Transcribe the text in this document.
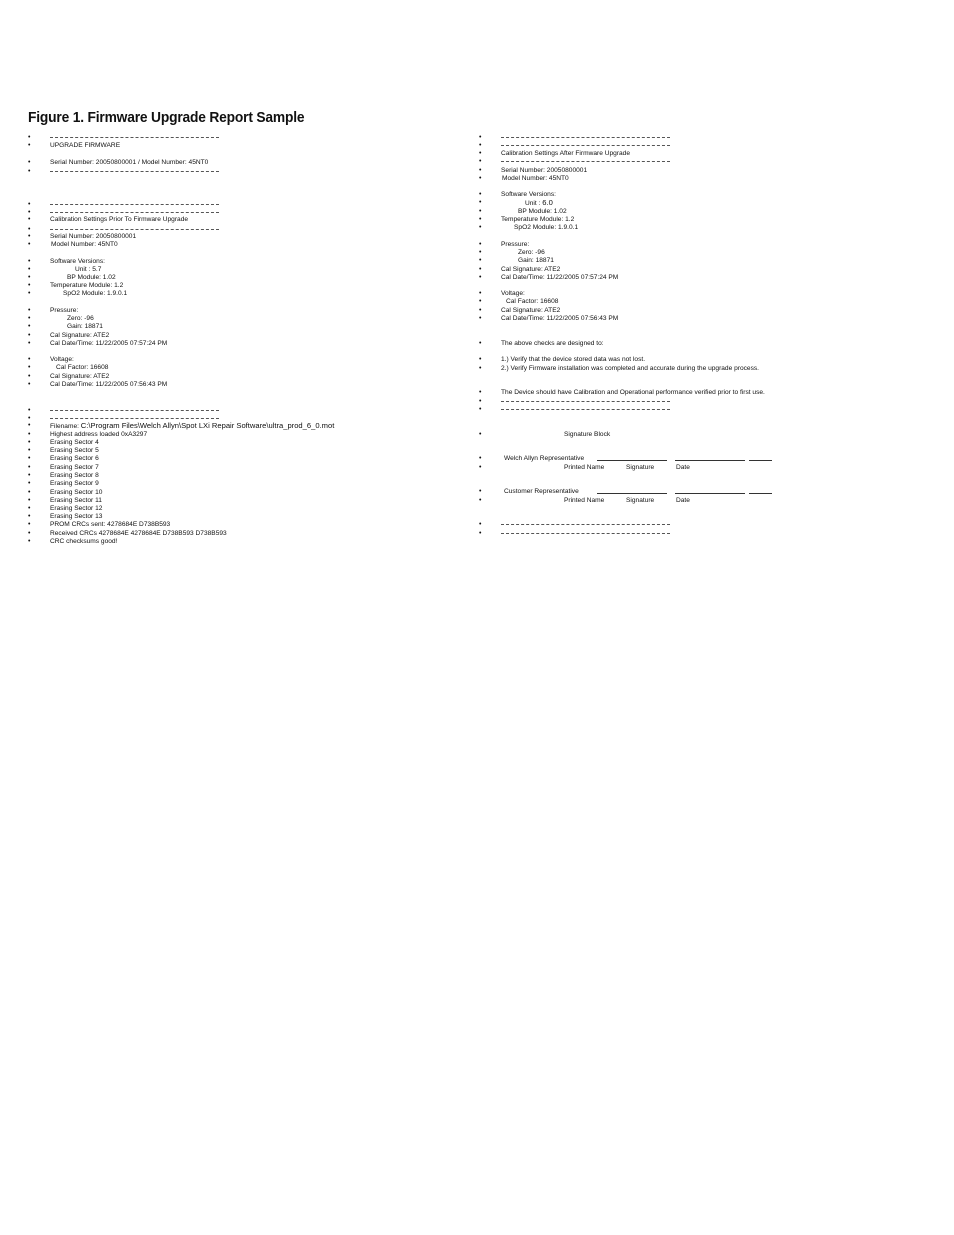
Figure 1. Firmware Upgrade Report Sample
•
•	UPGRADE FIRMWARE
•	Serial Number: 20050800001 / Model Number: 45NT0
•
•
•
•	Calibration Settings Prior To Firmware Upgrade
•
•	Serial Number: 20050800001
•	Model Number: 45NT0
•	Software Versions:
•	Unit : 5.7
•	BP Module: 1.02
•	Temperature Module: 1.2
•	SpO2 Module: 1.9.0.1
•	Pressure:
•	Zero: -96
•	Gain: 18871
•	Cal Signature: ATE2
•	Cal Date/Time: 11/22/2005 07:57:24 PM
•	Voltage:
•	Cal Factor: 16608
•	Cal Signature: ATE2
•	Cal Date/Time: 11/22/2005 07:56:43 PM
•
•
•	Filename: C:\Program Files\Welch Allyn\Spot LXi Repair Software\ultra_prod_6_0.mot
•	Highest address loaded 0xA3297
•	Erasing Sector 4
•	Erasing Sector 5
•	Erasing Sector 6
•	Erasing Sector 7
•	Erasing Sector 8
•	Erasing Sector 9
•	Erasing Sector 10
•	Erasing Sector 11
•	Erasing Sector 12
•	Erasing Sector 13
•	PROM CRCs sent: 4278684E D738B593
•	Received CRCs 4278684E 4278684E D738B593 D738B593
•	CRC checksums good!
•
•
•	Calibration Settings After Firmware Upgrade
•
•	Serial Number: 20050800001
•	Model Number: 45NT0
•	Software Versions:
•	Unit : 6.0
•	BP Module: 1.02
•	Temperature Module: 1.2
•	SpO2 Module: 1.9.0.1
•	Pressure:
•	Zero: -96
•	Gain: 18871
•	Cal Signature: ATE2
•	Cal Date/Time: 11/22/2005 07:57:24 PM
•	Voltage:
•	Cal Factor: 16608
•	Cal Signature: ATE2
•	Cal Date/Time: 11/22/2005 07:56:43 PM
•	The above checks are designed to:
•	1.) Verify that the device stored data was not lost.
•	2.) Verify Firmware installation was completed and accurate during the upgrade process.
•	The Device should have Calibration and Operational performance verified prior to first use.
•
•
•	Signature Block
•	Welch Allyn Representative
•	Printed Name	Signature	Date
•	Customer Representative
•	Printed Name	Signature	Date
•
•
